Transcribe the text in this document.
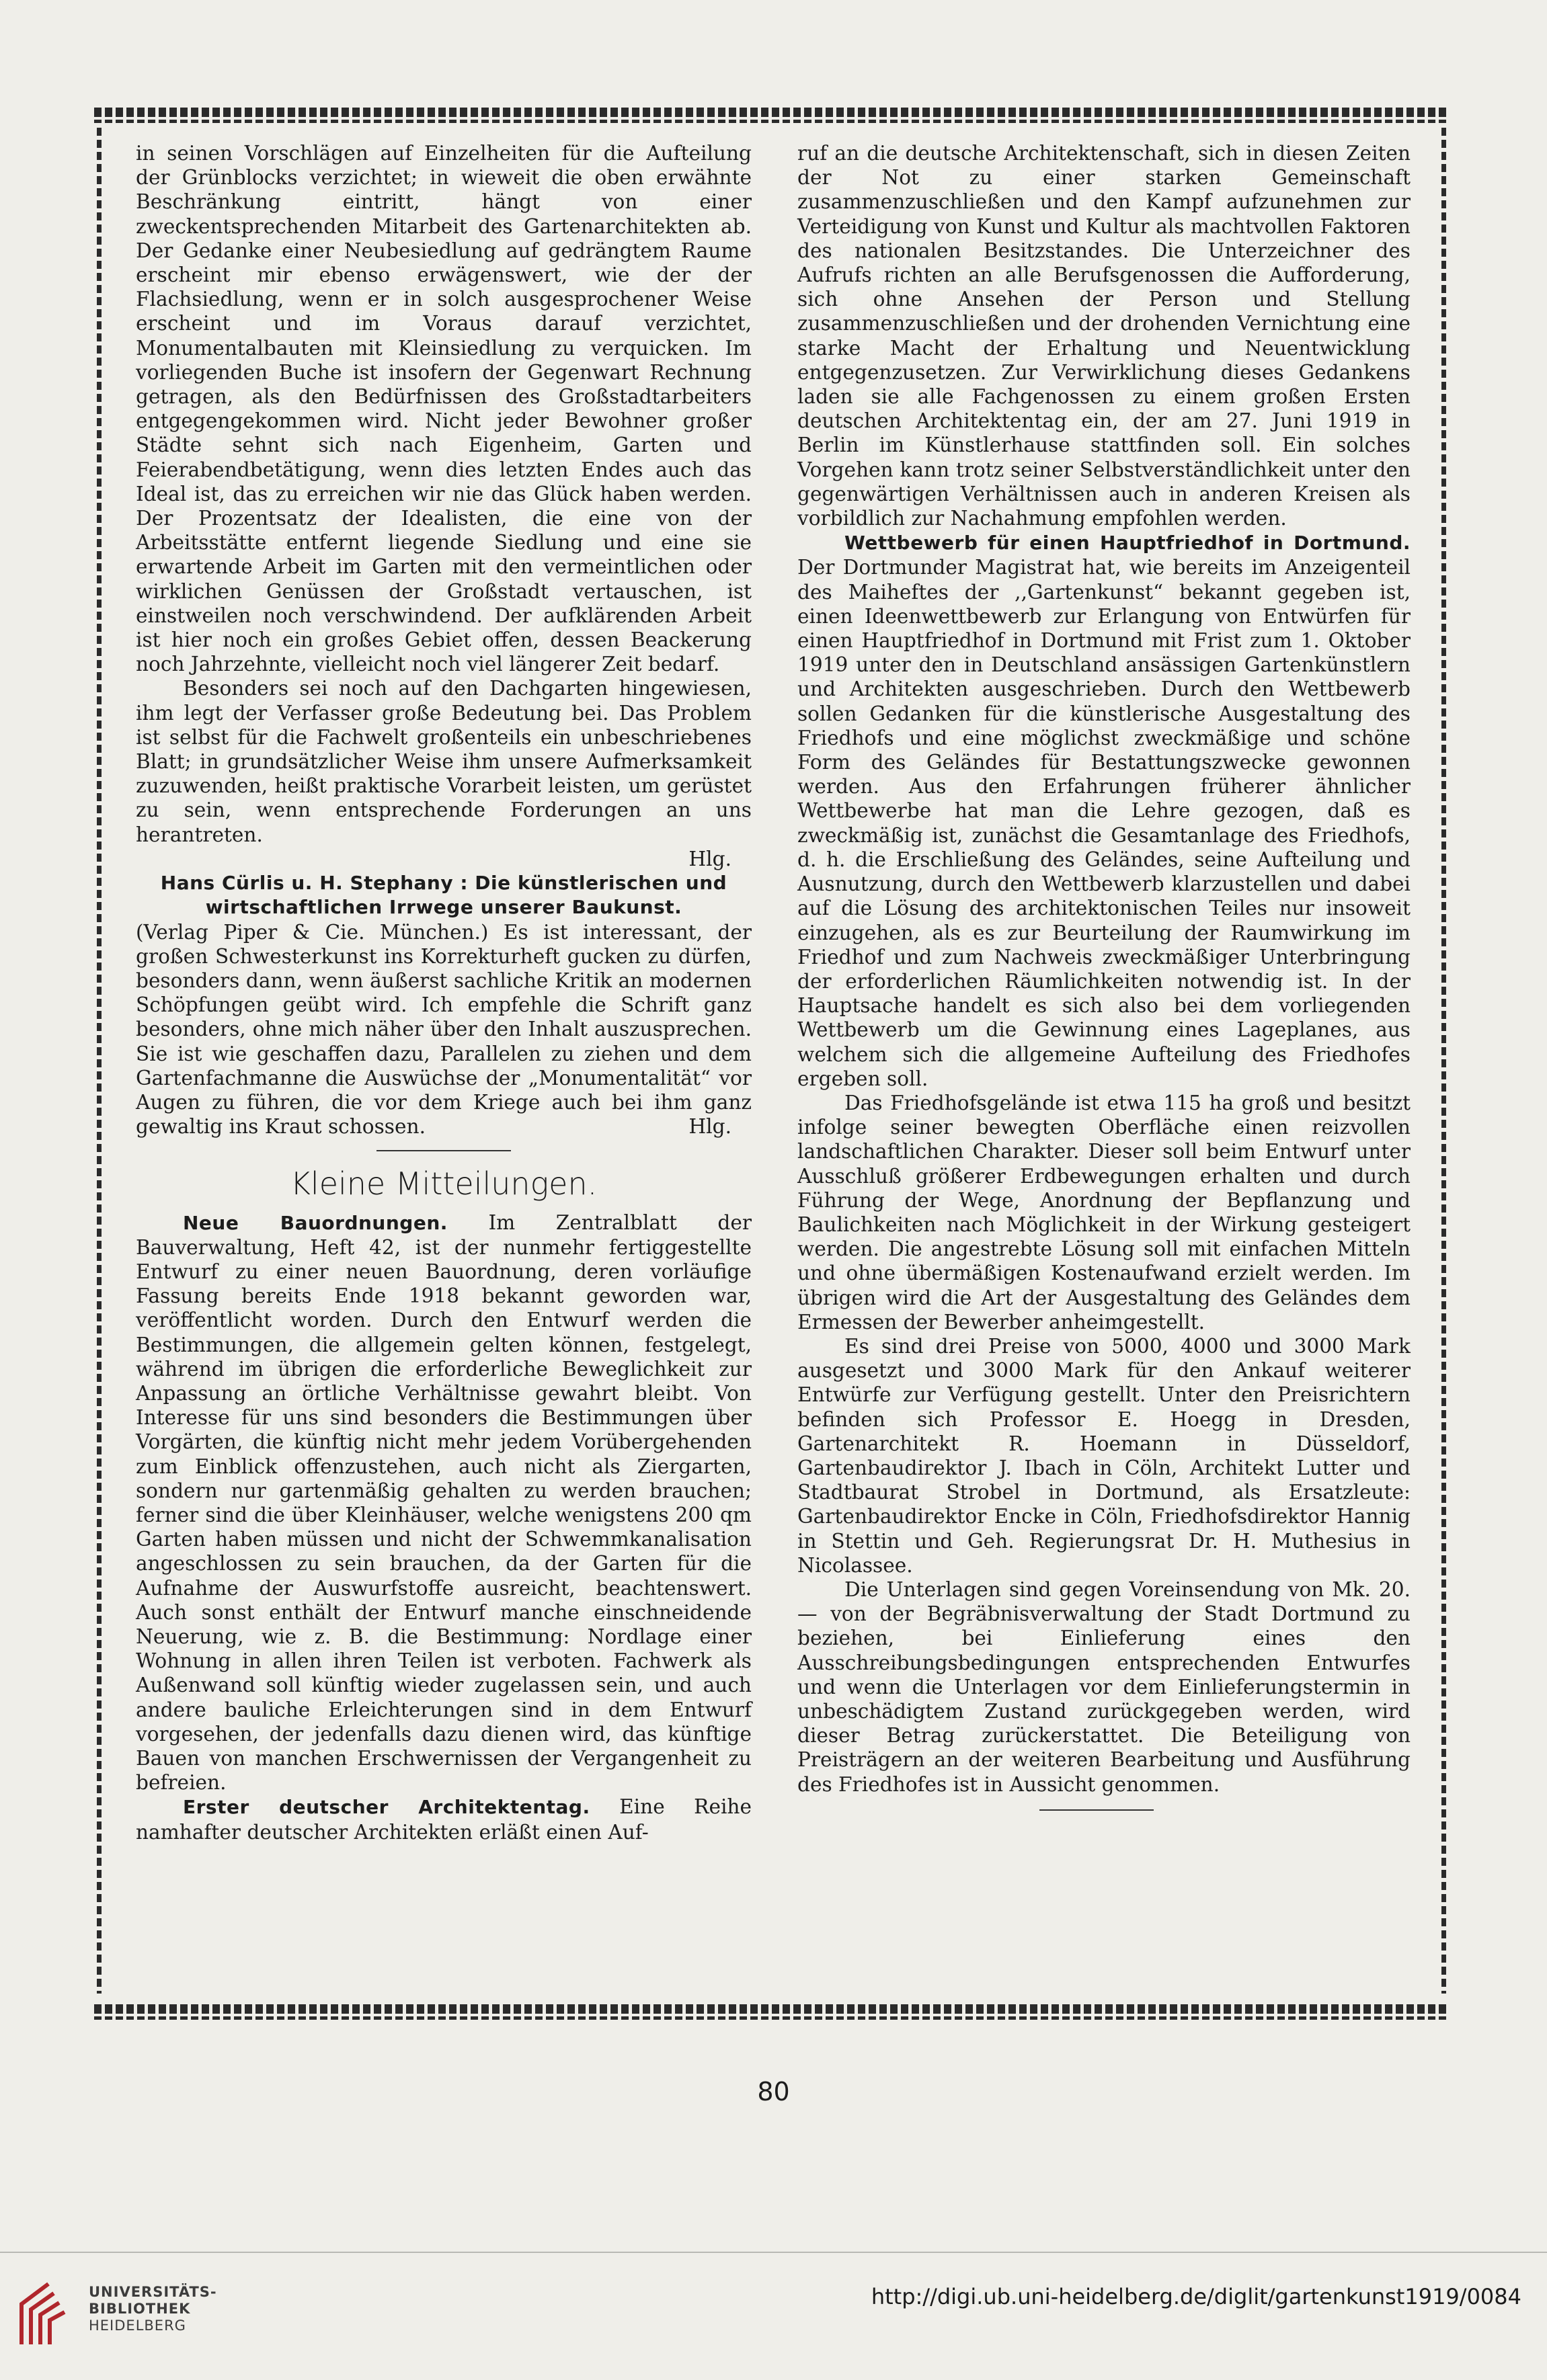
in seinen Vorschlägen auf Einzelheiten für die Aufteilung der Grünblocks verzichtet; in wieweit die oben erwähnte Beschränkung eintritt, hängt von einer zweckentsprechenden Mitarbeit des Gartenarchitekten ab. Der Gedanke einer Neubesiedlung auf gedrängtem Raume erscheint mir ebenso erwägenswert, wie der der Flachsiedlung, wenn er in solch ausgesprochener Weise erscheint und im Voraus darauf verzichtet, Monumentalbauten mit Kleinsiedlung zu verquicken. Im vorliegenden Buche ist insofern der Gegenwart Rechnung getragen, als den Bedürfnissen des Großstadtarbeiters entgegengekommen wird. Nicht jeder Bewohner großer Städte sehnt sich nach Eigenheim, Garten und Feierabendbetätigung, wenn dies letzten Endes auch das Ideal ist, das zu erreichen wir nie das Glück haben werden. Der Prozentsatz der Idealisten, die eine von der Arbeitsstätte entfernt liegende Siedlung und eine sie erwartende Arbeit im Garten mit den vermeintlichen oder wirklichen Genüssen der Großstadt vertauschen, ist einstweilen noch verschwindend. Der aufklärenden Arbeit ist hier noch ein großes Gebiet offen, dessen Beackerung noch Jahrzehnte, vielleicht noch viel längerer Zeit bedarf.

Besonders sei noch auf den Dachgarten hingewiesen, ihm legt der Verfasser große Bedeutung bei. Das Problem ist selbst für die Fachwelt großenteils ein unbeschriebenes Blatt; in grundsätzlicher Weise ihm unsere Aufmerksamkeit zuzuwenden, heißt praktische Vorarbeit leisten, um gerüstet zu sein, wenn entsprechende Forderungen an uns herantreten.

Hlg.

Hans Cürlis u. H. Stephany : Die künstlerischen und wirtschaftlichen Irrwege unserer Baukunst.

(Verlag Piper & Cie. München.) Es ist interessant, der großen Schwesterkunst ins Korrekturheft gucken zu dürfen, besonders dann, wenn äußerst sachliche Kritik an modernen Schöpfungen geübt wird. Ich empfehle die Schrift ganz besonders, ohne mich näher über den Inhalt auszusprechen. Sie ist wie geschaffen dazu, Parallelen zu ziehen und dem Gartenfachmanne die Auswüchse der „Monumentalität“ vor Augen zu führen, die vor dem Kriege auch bei ihm ganz gewaltig ins Kraut schossen.	Hlg.

Kleine Mitteilungen.

Neue Bauordnungen. Im Zentralblatt der Bauverwaltung, Heft 42, ist der nunmehr fertiggestellte Entwurf zu einer neuen Bauordnung, deren vorläufige Fassung bereits Ende 1918 bekannt geworden war, veröffentlicht worden. Durch den Entwurf werden die Bestimmungen, die allgemein gelten können, festgelegt, während im übrigen die erforderliche Beweglichkeit zur Anpassung an örtliche Verhältnisse gewahrt bleibt. Von Interesse für uns sind besonders die Bestimmungen über Vorgärten, die künftig nicht mehr jedem Vorübergehenden zum Einblick offenzustehen, auch nicht als Ziergarten, sondern nur gartenmäßig gehalten zu werden brauchen; ferner sind die über Kleinhäuser, welche wenigstens 200 qm Garten haben müssen und nicht der Schwemmkanalisation angeschlossen zu sein brauchen, da der Garten für die Aufnahme der Auswurfstoffe ausreicht, beachtenswert. Auch sonst enthält der Entwurf manche einschneidende Neuerung, wie z. B. die Bestimmung: Nordlage einer Wohnung in allen ihren Teilen ist verboten. Fachwerk als Außenwand soll künftig wieder zugelassen sein, und auch andere bauliche Erleichterungen sind in dem Entwurf vorgesehen, der jedenfalls dazu dienen wird, das künftige Bauen von manchen Erschwernissen der Vergangenheit zu befreien.

Erster deutscher Architektentag. Eine Reihe namhafter deutscher Architekten erläßt einen Auf-

ruf an die deutsche Architektenschaft, sich in diesen Zeiten der Not zu einer starken Gemeinschaft zusammenzuschließen und den Kampf aufzunehmen zur Verteidigung von Kunst und Kultur als machtvollen Faktoren des nationalen Besitzstandes. Die Unterzeichner des Aufrufs richten an alle Berufsgenossen die Aufforderung, sich ohne Ansehen der Person und Stellung zusammenzuschließen und der drohenden Vernichtung eine starke Macht der Erhaltung und Neuentwicklung entgegenzusetzen. Zur Verwirklichung dieses Gedankens laden sie alle Fachgenossen zu einem großen Ersten deutschen Architektentag ein, der am 27. Juni 1919 in Berlin im Künstlerhause stattfinden soll. Ein solches Vorgehen kann trotz seiner Selbstverständlichkeit unter den gegenwärtigen Verhältnissen auch in anderen Kreisen als vorbildlich zur Nachahmung empfohlen werden.

Wettbewerb für einen Hauptfriedhof in Dortmund. Der Dortmunder Magistrat hat, wie bereits im Anzeigenteil des Maiheftes der ,,Gartenkunst“ bekannt gegeben ist, einen Ideenwettbewerb zur Erlangung von Entwürfen für einen Hauptfriedhof in Dortmund mit Frist zum 1. Oktober 1919 unter den in Deutschland ansässigen Gartenkünstlern und Architekten ausgeschrieben. Durch den Wettbewerb sollen Gedanken für die künstlerische Ausgestaltung des Friedhofs und eine möglichst zweckmäßige und schöne Form des Geländes für Bestattungszwecke gewonnen werden. Aus den Erfahrungen früherer ähnlicher Wettbewerbe hat man die Lehre gezogen, daß es zweckmäßig ist, zunächst die Gesamtanlage des Friedhofs, d. h. die Erschließung des Geländes, seine Aufteilung und Ausnutzung, durch den Wettbewerb klarzustellen und dabei auf die Lösung des architektonischen Teiles nur insoweit einzugehen, als es zur Beurteilung der Raumwirkung im Friedhof und zum Nachweis zweckmäßiger Unterbringung der erforderlichen Räumlichkeiten notwendig ist. In der Hauptsache handelt es sich also bei dem vorliegenden Wettbewerb um die Gewinnung eines Lageplanes, aus welchem sich die allgemeine Aufteilung des Friedhofes ergeben soll.

Das Friedhofsgelände ist etwa 115 ha groß und besitzt infolge seiner bewegten Oberfläche einen reizvollen landschaftlichen Charakter. Dieser soll beim Entwurf unter Ausschluß größerer Erdbewegungen erhalten und durch Führung der Wege, Anordnung der Bepflanzung und Baulichkeiten nach Möglichkeit in der Wirkung gesteigert werden. Die angestrebte Lösung soll mit einfachen Mitteln und ohne übermäßigen Kostenaufwand erzielt werden. Im übrigen wird die Art der Ausgestaltung des Geländes dem Ermessen der Bewerber anheimgestellt.

Es sind drei Preise von 5000, 4000 und 3000 Mark ausgesetzt und 3000 Mark für den Ankauf weiterer Entwürfe zur Verfügung gestellt. Unter den Preisrichtern befinden sich Professor E. Hoegg in Dresden, Gartenarchitekt R. Hoemann in Düsseldorf, Gartenbaudirektor J. Ibach in Cöln, Architekt Lutter und Stadtbaurat Strobel in Dortmund, als Ersatzleute: Gartenbaudirektor Encke in Cöln, Friedhofsdirektor Hannig in Stettin und Geh. Regierungsrat Dr. H. Muthesius in Nicolassee.

Die Unterlagen sind gegen Voreinsendung von Mk. 20.— von der Begräbnisverwaltung der Stadt Dortmund zu beziehen, bei Einlieferung eines den Ausschreibungsbedingungen entsprechenden Entwurfes und wenn die Unterlagen vor dem Einlieferungstermin in unbeschädigtem Zustand zurückgegeben werden, wird dieser Betrag zurückerstattet. Die Beteiligung von Preisträgern an der weiteren Bearbeitung und Ausführung des Friedhofes ist in Aussicht genommen.

80
UNIVERSITÄTS-
BIBLIOTHEK
HEIDELBERG
http://digi.ub.uni-heidelberg.de/diglit/gartenkunst1919/0084
